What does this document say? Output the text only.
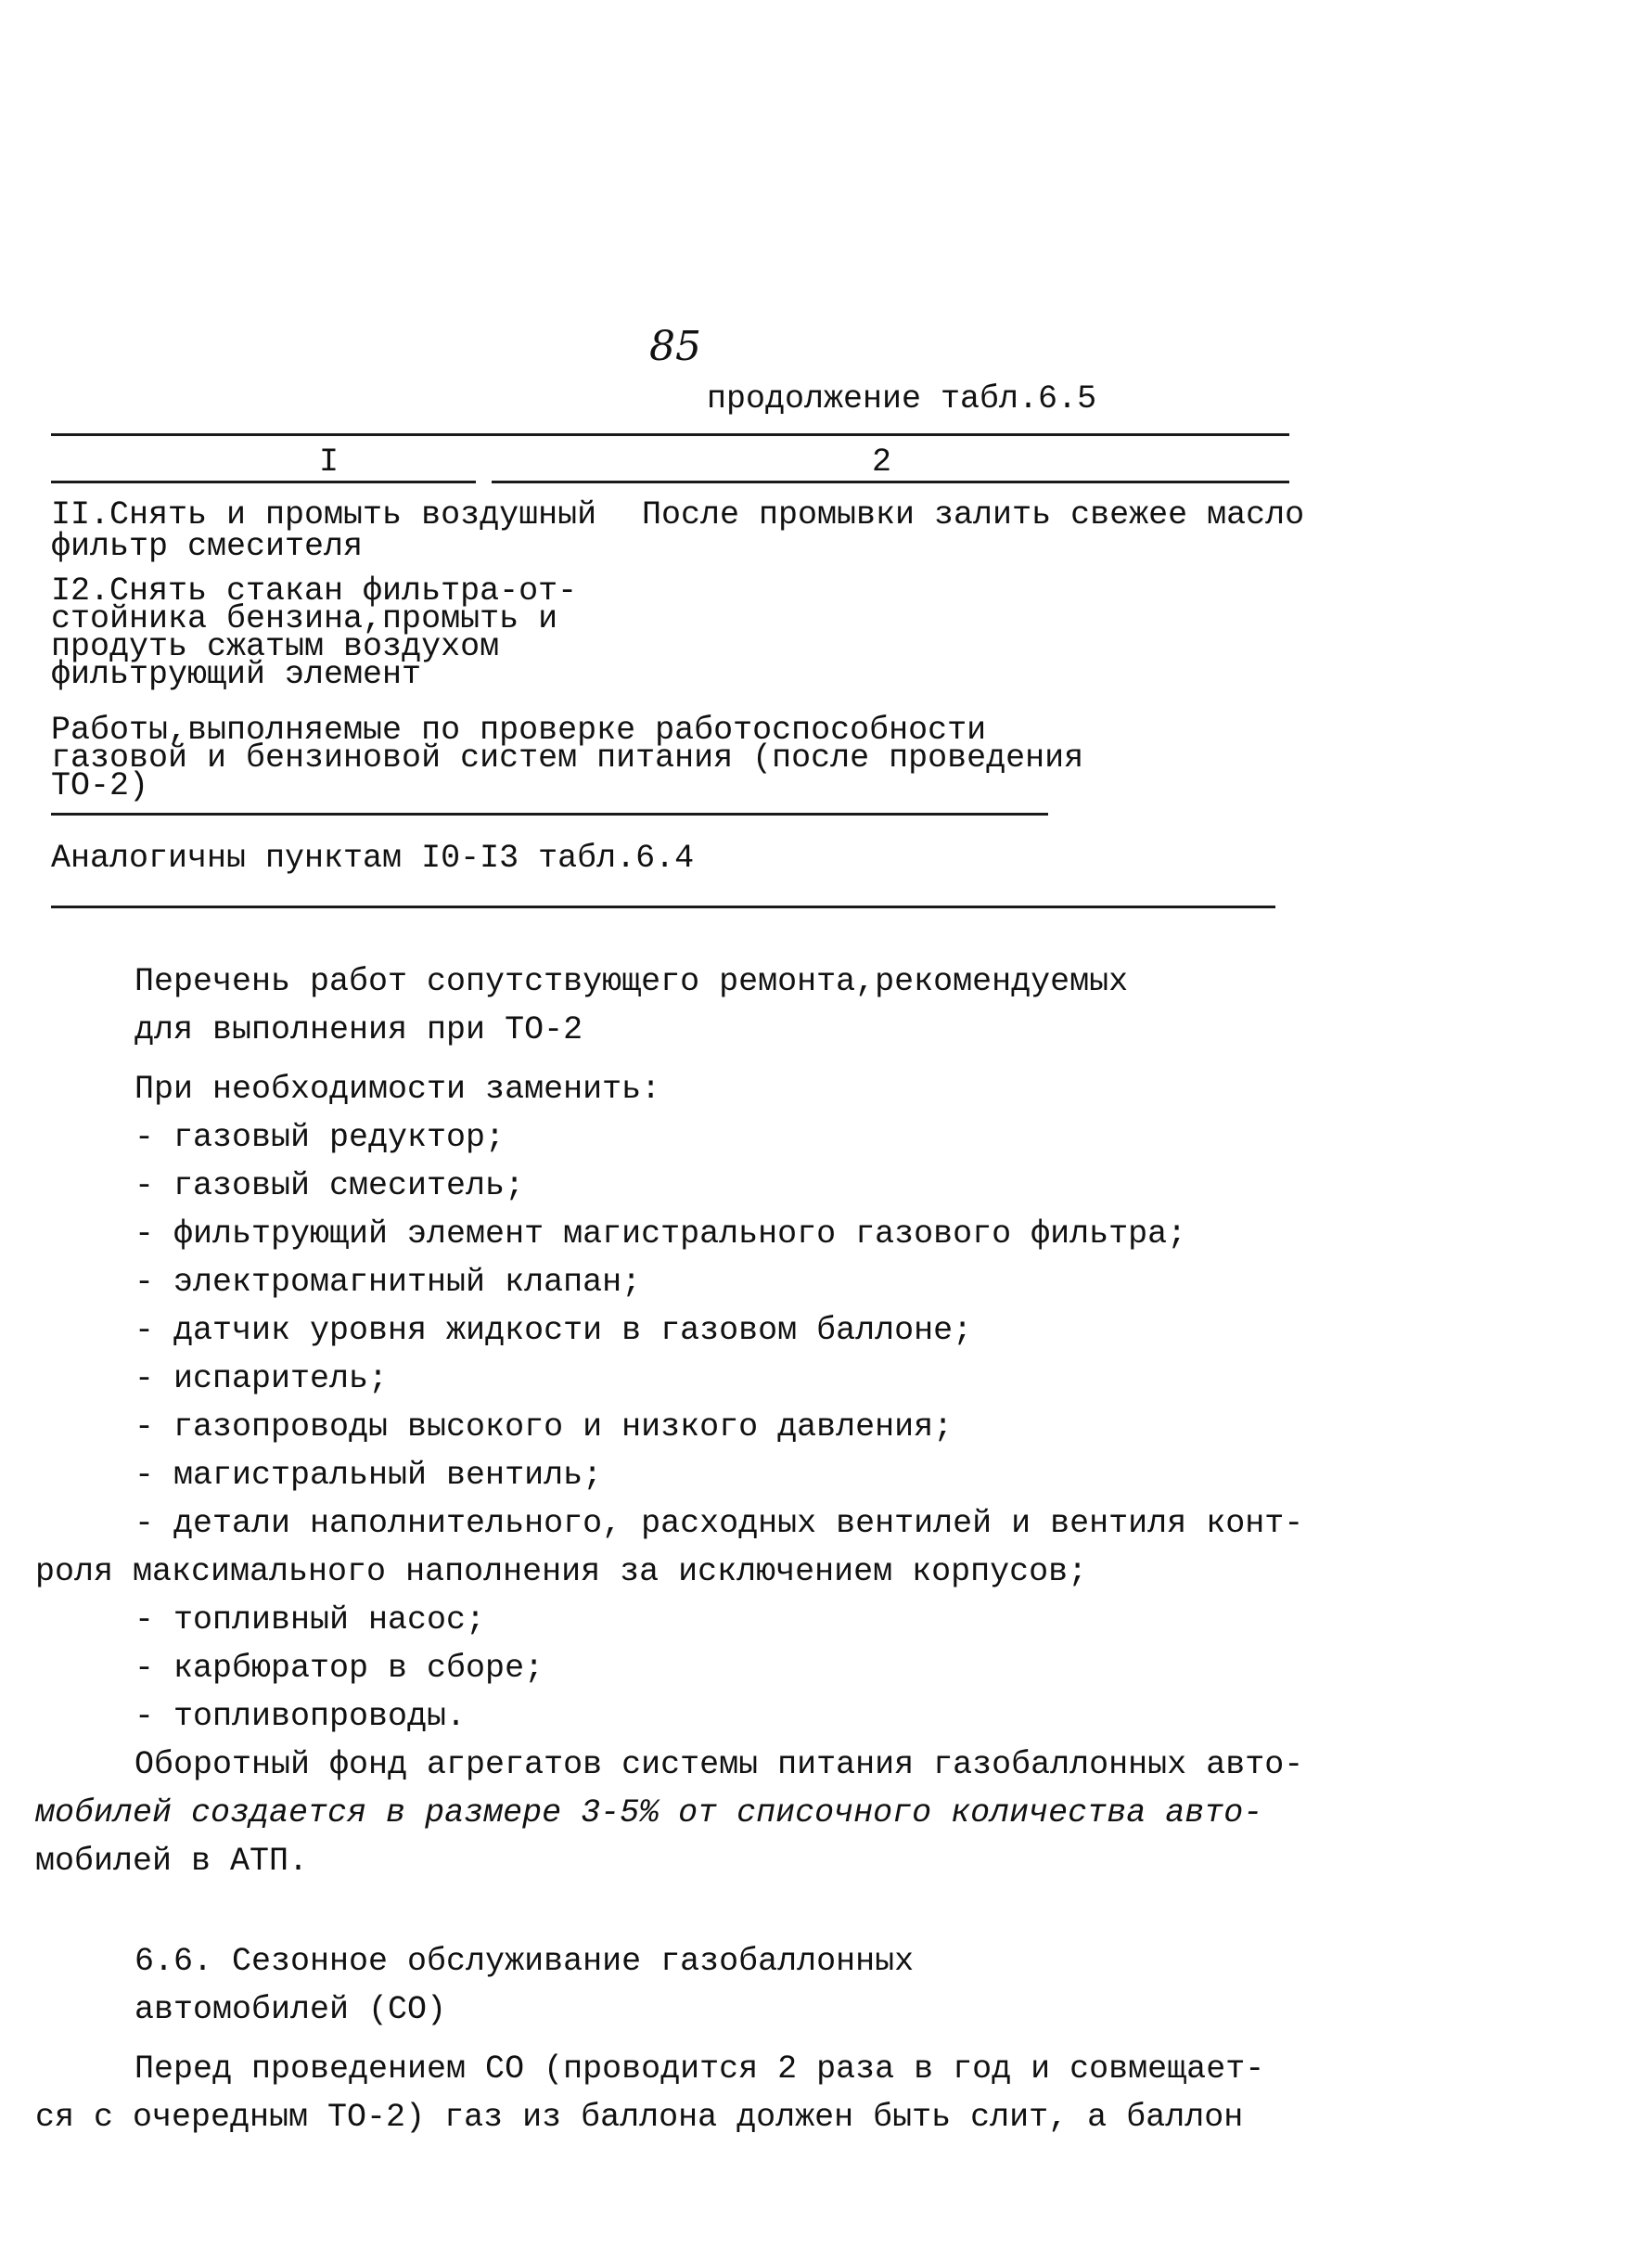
85
продолжение табл.6.5
I	2
II.Снять и промыть воздушный
фильтр смесителя
После промывки залить свежее масло
I2.Снять стакан фильтра-от-
стойника бензина,промыть и
продуть сжатым воздухом
фильтрующий элемент
Работы,выполняемые по проверке работоспособности
газовой и бензиновой систем питания (после проведения
ТО-2)
Аналогичны пунктам I0-I3 табл.6.4
Перечень работ сопутствующего ремонта,рекомендуемых
для выполнения при ТО-2
При необходимости заменить:
- газовый редуктор;
- газовый смеситель;
- фильтрующий элемент магистрального газового фильтра;
- электромагнитный клапан;
- датчик уровня жидкости в газовом баллоне;
- испаритель;
- газопроводы высокого и низкого давления;
- магистральный вентиль;
- детали наполнительного, расходных вентилей и вентиля конт-
роля максимального наполнения за исключением корпусов;
- топливный насос;
- карбюратор в сборе;
- топливопроводы.
Оборотный фонд агрегатов системы питания газобаллонных авто-
мобилей создается в размере 3-5% от списочного количества авто-
мобилей в АТП.
6.6. Сезонное обслуживание газобаллонных
автомобилей (СО)
Перед проведением СО (проводится 2 раза в год и совмещает-
ся с очередным ТО-2) газ из баллона должен быть слит, а баллон
